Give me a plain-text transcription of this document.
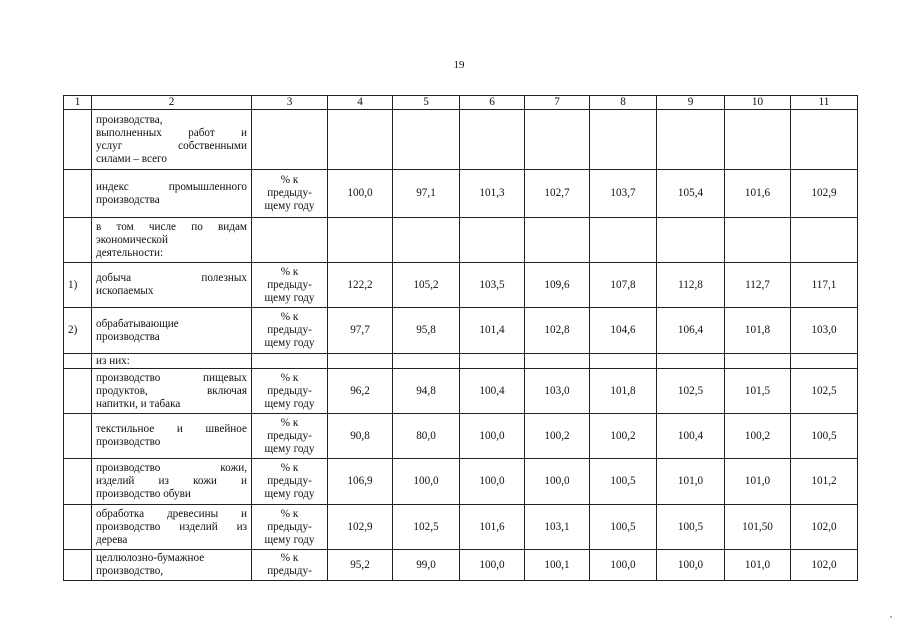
19
1	2	3	4	5	6	7	8	9	10	11

	производства,
выполненных работ и
услуг собственными
силами – всего									

	индекс промышленного
производства	% к
предыду-
щему году	100,0	97,1	101,3	102,7	103,7	105,4	101,6	102,9

	в том числе по видам
экономической
деятельности:									

1)	добыча полезных
ископаемых	% к
предыду-
щему году	122,2	105,2	103,5	109,6	107,8	112,8	112,7	117,1
2)	обрабатывающие
производства	% к
предыду-
щему году	97,7	95,8	101,4	102,8	104,6	106,4	101,8	103,0

	из них:									

	производство пищевых
продуктов, включая
напитки, и табака	% к
предыду-
щему году	96,2	94,8	100,4	103,0	101,8	102,5	101,5	102,5

	текстильное и швейное
производство	% к
предыду-
щему году	90,8	80,0	100,0	100,2	100,2	100,4	100,2	100,5

	производство кожи,
изделий из кожи и
производство обуви	% к
предыду-
щему году	106,9	100,0	100,0	100,0	100,5	101,0	101,0	101,2

	обработка древесины и
производство изделий из
дерева	% к
предыду-
щему году	102,9	102,5	101,6	103,1	100,5	100,5	101,50	102,0

	целлюлозно-бумажное
производство,	% к
предыду-	95,2	99,0	100,0	100,1	100,0	100,0	101,0	102,0
